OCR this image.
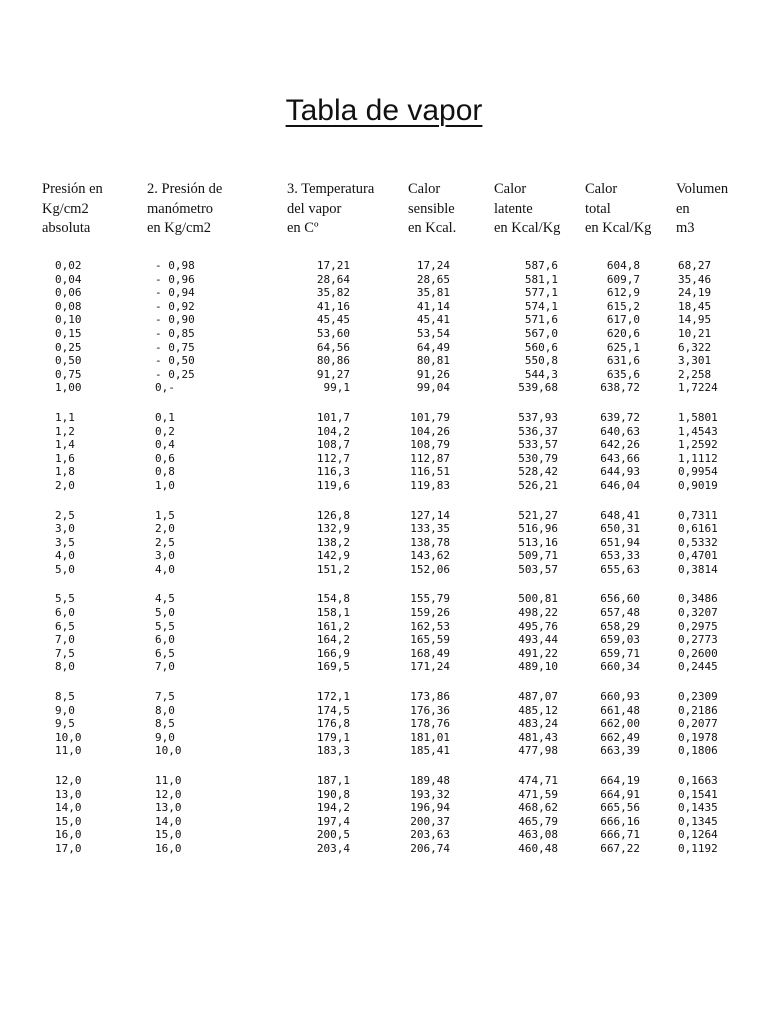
Tabla de vapor
Presión en
Kg/cm2
absoluta
2. Presión de
manómetro
en Kg/cm2
3. Temperatura
del vapor
en Cº
Calor
sensible
en Kcal.
Calor
latente
en Kcal/Kg
Calor
total
en Kcal/Kg
Volumen
en
m3
0,02	- 0,98	17,21	17,24	587,6	604,8	68,27
0,04	- 0,96	28,64	28,65	581,1	609,7	35,46
0,06	- 0,94	35,82	35,81	577,1	612,9	24,19
0,08	- 0,92	41,16	41,14	574,1	615,2	18,45
0,10	- 0,90	45,45	45,41	571,6	617,0	14,95
0,15	- 0,85	53,60	53,54	567,0	620,6	10,21
0,25	- 0,75	64,56	64,49	560,6	625,1	6,322
0,50	- 0,50	80,86	80,81	550,8	631,6	3,301
0,75	- 0,25	91,27	91,26	544,3	635,6	2,258
1,00	0,-	99,1	99,04	539,68	638,72	1,7224
1,1	0,1	101,7	101,79	537,93	639,72	1,5801
1,2	0,2	104,2	104,26	536,37	640,63	1,4543
1,4	0,4	108,7	108,79	533,57	642,26	1,2592
1,6	0,6	112,7	112,87	530,79	643,66	1,1112
1,8	0,8	116,3	116,51	528,42	644,93	0,9954
2,0	1,0	119,6	119,83	526,21	646,04	0,9019
2,5	1,5	126,8	127,14	521,27	648,41	0,7311
3,0	2,0	132,9	133,35	516,96	650,31	0,6161
3,5	2,5	138,2	138,78	513,16	651,94	0,5332
4,0	3,0	142,9	143,62	509,71	653,33	0,4701
5,0	4,0	151,2	152,06	503,57	655,63	0,3814
5,5	4,5	154,8	155,79	500,81	656,60	0,3486
6,0	5,0	158,1	159,26	498,22	657,48	0,3207
6,5	5,5	161,2	162,53	495,76	658,29	0,2975
7,0	6,0	164,2	165,59	493,44	659,03	0,2773
7,5	6,5	166,9	168,49	491,22	659,71	0,2600
8,0	7,0	169,5	171,24	489,10	660,34	0,2445
8,5	7,5	172,1	173,86	487,07	660,93	0,2309
9,0	8,0	174,5	176,36	485,12	661,48	0,2186
9,5	8,5	176,8	178,76	483,24	662,00	0,2077
10,0	9,0	179,1	181,01	481,43	662,49	0,1978
11,0	10,0	183,3	185,41	477,98	663,39	0,1806
12,0	11,0	187,1	189,48	474,71	664,19	0,1663
13,0	12,0	190,8	193,32	471,59	664,91	0,1541
14,0	13,0	194,2	196,94	468,62	665,56	0,1435
15,0	14,0	197,4	200,37	465,79	666,16	0,1345
16,0	15,0	200,5	203,63	463,08	666,71	0,1264
17,0	16,0	203,4	206,74	460,48	667,22	0,1192
